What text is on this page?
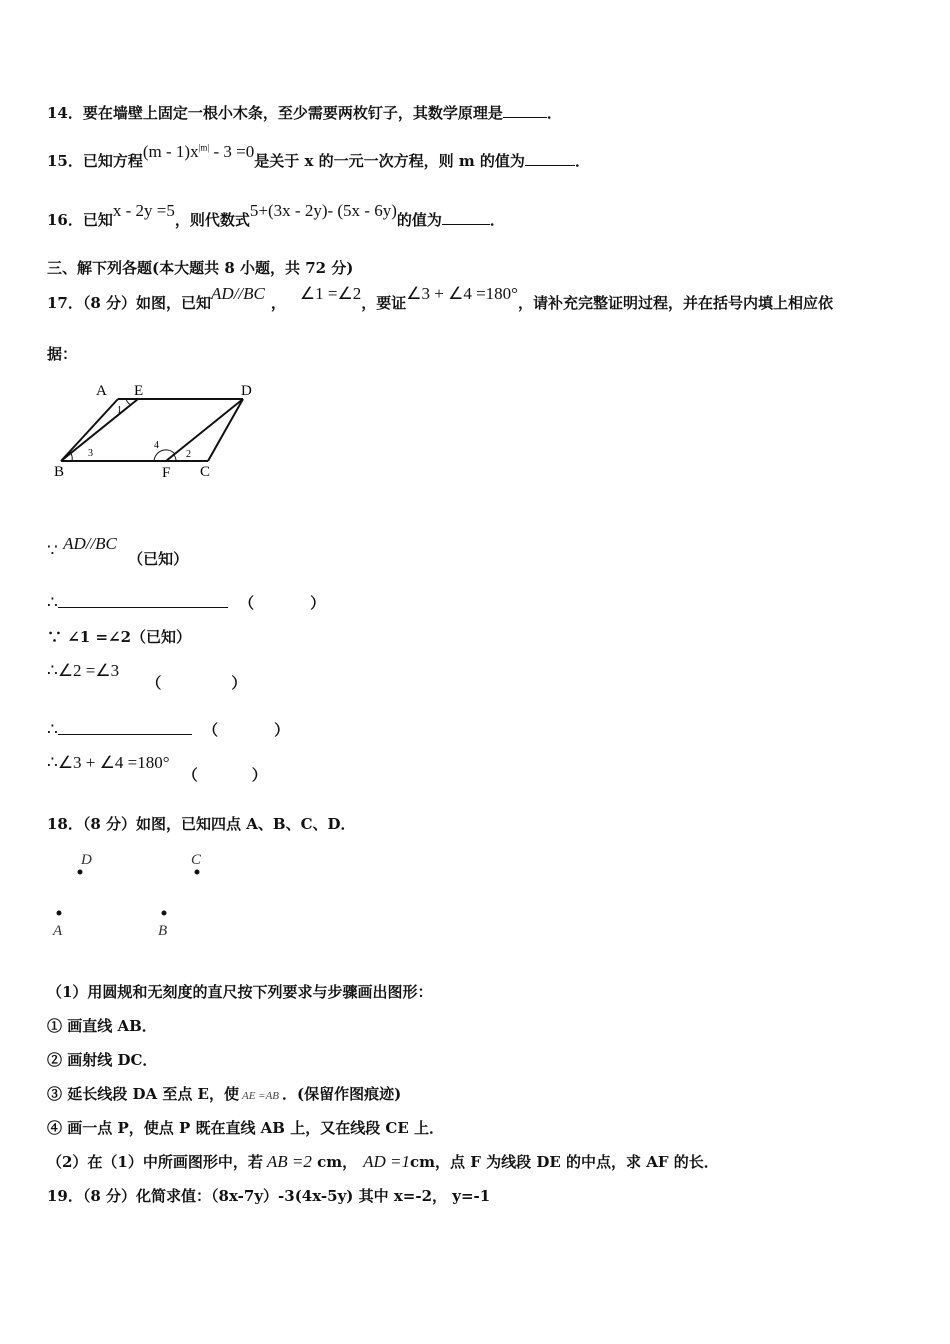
14．要在墙壁上固定一根小木条，至少需要两枚钉子，其数学原理是	．
15．已知方程$(m - 1)x^{|m|} - 3 =0$是关于 x 的一元一次方程，则 m 的值为	．
16．已知x - 2y =5，则代数式5+(3x - 2y)- (5x - 6y)的值为	．
三、解下列各题(本大题共 8 小题，共 72 分)
17．（8 分）如图，已知AD//BC ， ∠1 =∠2，要证∠3 + ∠4 =180°，请补充完整证明过程，并在括号内填上相应依
据：
A E	D
B	F C
1
2
3
4
∵ AD//BC （已知）
∴	（	）
∵ ∠1 =∠2（已知）
∴∠2 =∠3 （	）
∴	（	）
∴∠3 + ∠4 =180° （	）
18．（8 分）如图，已知四点 A、B、C、D．
D	C
A	B
（1）用圆规和无刻度的直尺按下列要求与步骤画出图形：
① 画直线 AB．
② 画射线 DC．
③ 延长线段 DA 至点 E，使 AE =AB ．(保留作图痕迹)
④ 画一点 P，使点 P 既在直线 AB 上，又在线段 CE 上．
（2）在（1）中所画图形中，若 AB =2 cm， AD =1cm，点 F 为线段 DE 的中点，求 AF 的长．
19．（8 分）化简求值：（8x-7y）-3(4x-5y) 其中 x=-2， y=-1
